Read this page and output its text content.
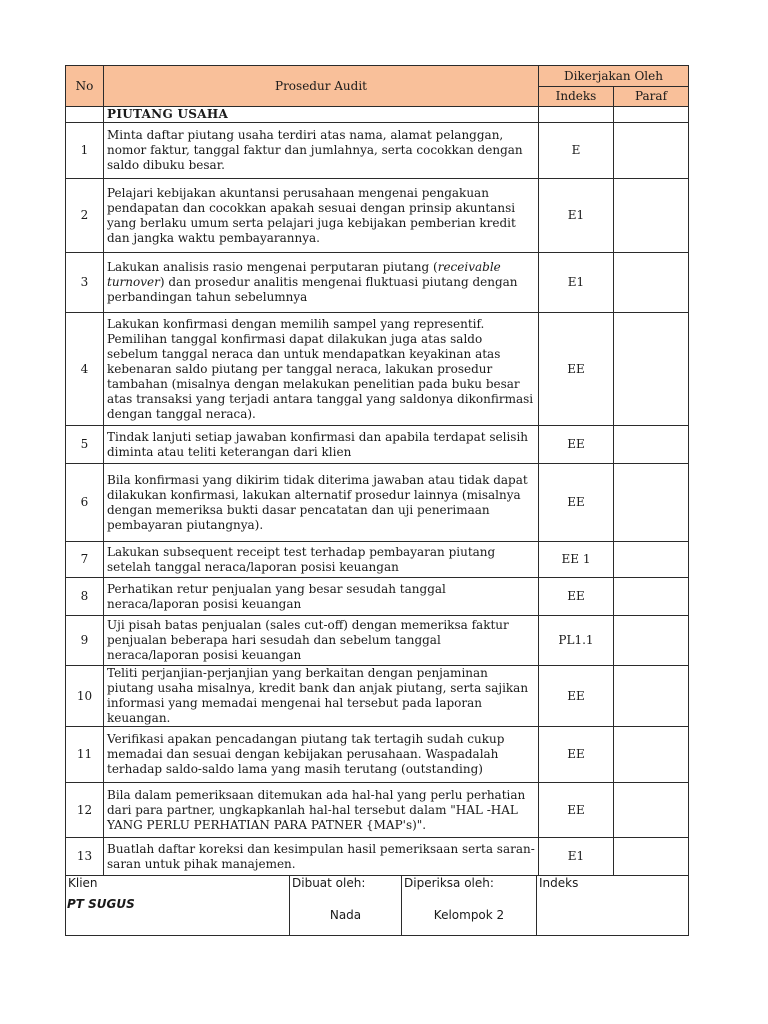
No	Prosedur Audit	Dikerjakan Oleh	
		Indeks	Paraf
	PIUTANG USAHA		
1	Minta daftar piutang usaha terdiri atas nama, alamat pelanggan, nomor faktur, tanggal faktur dan jumlahnya, serta cocokkan dengan saldo dibuku besar.	E	
2	Pelajari kebijakan akuntansi perusahaan mengenai pengakuan pendapatan dan cocokkan apakah sesuai dengan prinsip akuntansi yang berlaku umum serta pelajari juga kebijakan pemberian kredit dan jangka waktu pembayarannya.	E1	
3	Lakukan analisis rasio mengenai perputaran piutang (receivable turnover) dan prosedur analitis mengenai fluktuasi piutang dengan perbandingan tahun sebelumnya	E1	
4	Lakukan konfirmasi dengan memilih sampel yang representif. Pemilihan tanggal konfirmasi dapat dilakukan juga atas saldo sebelum tanggal neraca dan untuk mendapatkan keyakinan atas kebenaran saldo piutang per tanggal neraca, lakukan prosedur tambahan (misalnya dengan melakukan penelitian pada buku besar atas transaksi yang terjadi antara tanggal yang saldonya dikonfirmasi dengan tanggal neraca).	EE	
5	Tindak lanjuti setiap jawaban konfirmasi dan apabila terdapat selisih diminta atau teliti keterangan dari klien	EE	
6	Bila konfirmasi yang dikirim tidak diterima jawaban atau tidak dapat dilakukan konfirmasi, lakukan alternatif prosedur lainnya (misalnya dengan memeriksa bukti dasar pencatatan dan uji penerimaan pembayaran piutangnya).	EE	
7	Lakukan subsequent receipt test terhadap pembayaran piutang setelah tanggal neraca/laporan posisi keuangan	EE 1	
8	Perhatikan retur penjualan yang besar sesudah tanggal neraca/laporan posisi keuangan	EE	
9	Uji pisah batas penjualan (sales cut-off) dengan memeriksa faktur penjualan beberapa hari sesudah dan sebelum tanggal neraca/laporan posisi keuangan	PL1.1	
10	Teliti perjanjian-perjanjian yang berkaitan dengan penjaminan piutang usaha misalnya, kredit bank dan anjak piutang, serta sajikan informasi yang memadai mengenai hal tersebut pada laporan keuangan.	EE	
11	Verifikasi apakan pencadangan piutang tak tertagih sudah cukup memadai dan sesuai dengan kebijakan perusahaan. Waspadalah terhadap saldo-saldo lama yang masih terutang (outstanding)	EE	
12	Bila dalam pemeriksaan ditemukan ada hal-hal yang perlu perhatian dari para partner, ungkapkanlah hal-hal tersebut dalam "HAL -HAL YANG PERLU PERHATIAN PARA PATNER {MAP's)".	EE	
13	Buatlah daftar koreksi dan kesimpulan hasil pemeriksaan serta saran-saran untuk pihak manajemen.	E1	
Klien	Dibuat oleh:	Diperiksa oleh:	Indeks
PT SUGUS	Nada	Kelompok 2	
